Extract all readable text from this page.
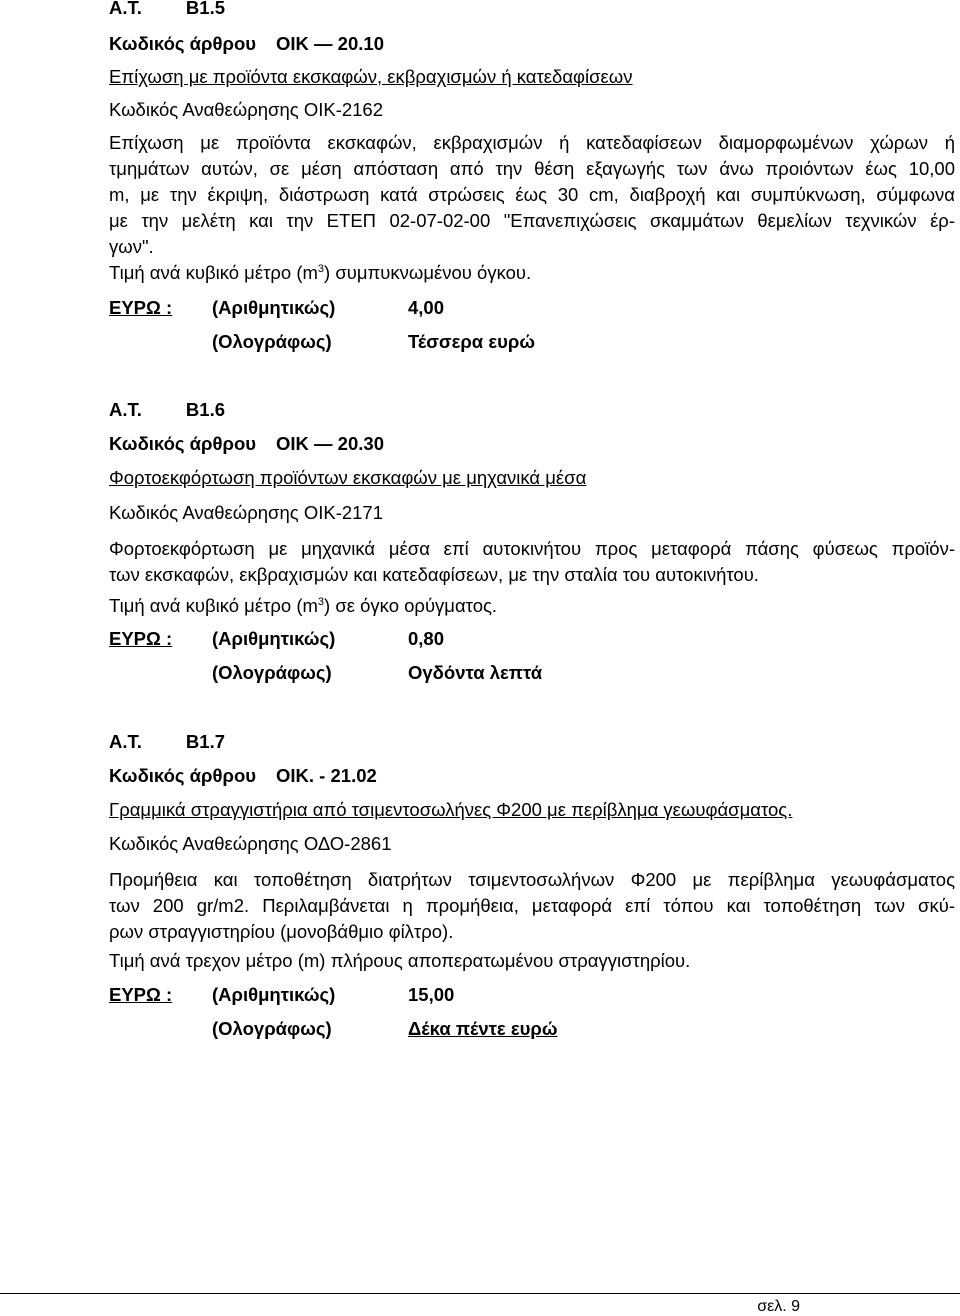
Α.Τ. Β1.5
Κωδικός άρθρου ΟΙΚ — 20.10
Επίχωση με προϊόντα εκσκαφών, εκβραχισμών ή κατεδαφίσεων
Κωδικός Αναθεώρησης ΟΙΚ-2162
Επίχωση με προϊόντα εκσκαφών, εκβραχισμών ή κατεδαφίσεων διαμορφωμένων χώρων ή
τμημάτων αυτών, σε μέση απόσταση από την θέση εξαγωγής των άνω προιόντων έως 10,00
m, με την έκριψη, διάστρωση κατά στρώσεις έως 30 cm, διαβροχή και συμπύκνωση, σύμφωνα
με την μελέτη και την ΕΤΕΠ 02-07-02-00 "Επανεπιχώσεις σκαμμάτων θεμελίων τεχνικών έρ-
γων".
Τιμή ανά κυβικό μέτρο $(m^3)$ συμπυκνωμένου όγκου.
ΕΥΡΩ : (Αριθμητικώς)	4,00
(Ολογράφως)	Τέσσερα ευρώ
Α.Τ. Β1.6
Κωδικός άρθρου ΟΙΚ — 20.30
Φορτοεκφόρτωση προϊόντων εκσκαφών με μηχανικά μέσα
Κωδικός Αναθεώρησης ΟΙΚ-2171
Φορτοεκφόρτωση με μηχανικά μέσα επί αυτοκινήτου προς μεταφορά πάσης φύσεως προϊόν-
των εκσκαφών, εκβραχισμών και κατεδαφίσεων, με την σταλία του αυτοκινήτου.
Τιμή ανά κυβικό μέτρο $(m^3)$ σε όγκο ορύγματος.
ΕΥΡΩ : (Αριθμητικώς)	0,80
(Ολογράφως)	Ογδόντα λεπτά
Α.Τ. Β1.7
Κωδικός άρθρου ΟΙΚ. - 21.02
Γραμμικά στραγγιστήρια από τσιμεντοσωλήνες Φ200 με περίβλημα γεωυφάσματος.
Κωδικός Αναθεώρησης ΟΔΟ-2861
Προμήθεια και τοποθέτηση διατρήτων τσιμεντοσωλήνων Φ200 με περίβλημα γεωυφάσματος
των 200 gr/m2. Περιλαμβάνεται η προμήθεια, μεταφορά επί τόπου και τοποθέτηση των σκύ-
ρων στραγγιστηρίου (μονοβάθμιο φίλτρο).
Τιμή ανά τρεχον μέτρο (m) πλήρους αποπερατωμένου στραγγιστηρίου.
ΕΥΡΩ : (Αριθμητικώς)	15,00
(Ολογράφως)	Δέκα πέντε ευρώ
σελ. 9
